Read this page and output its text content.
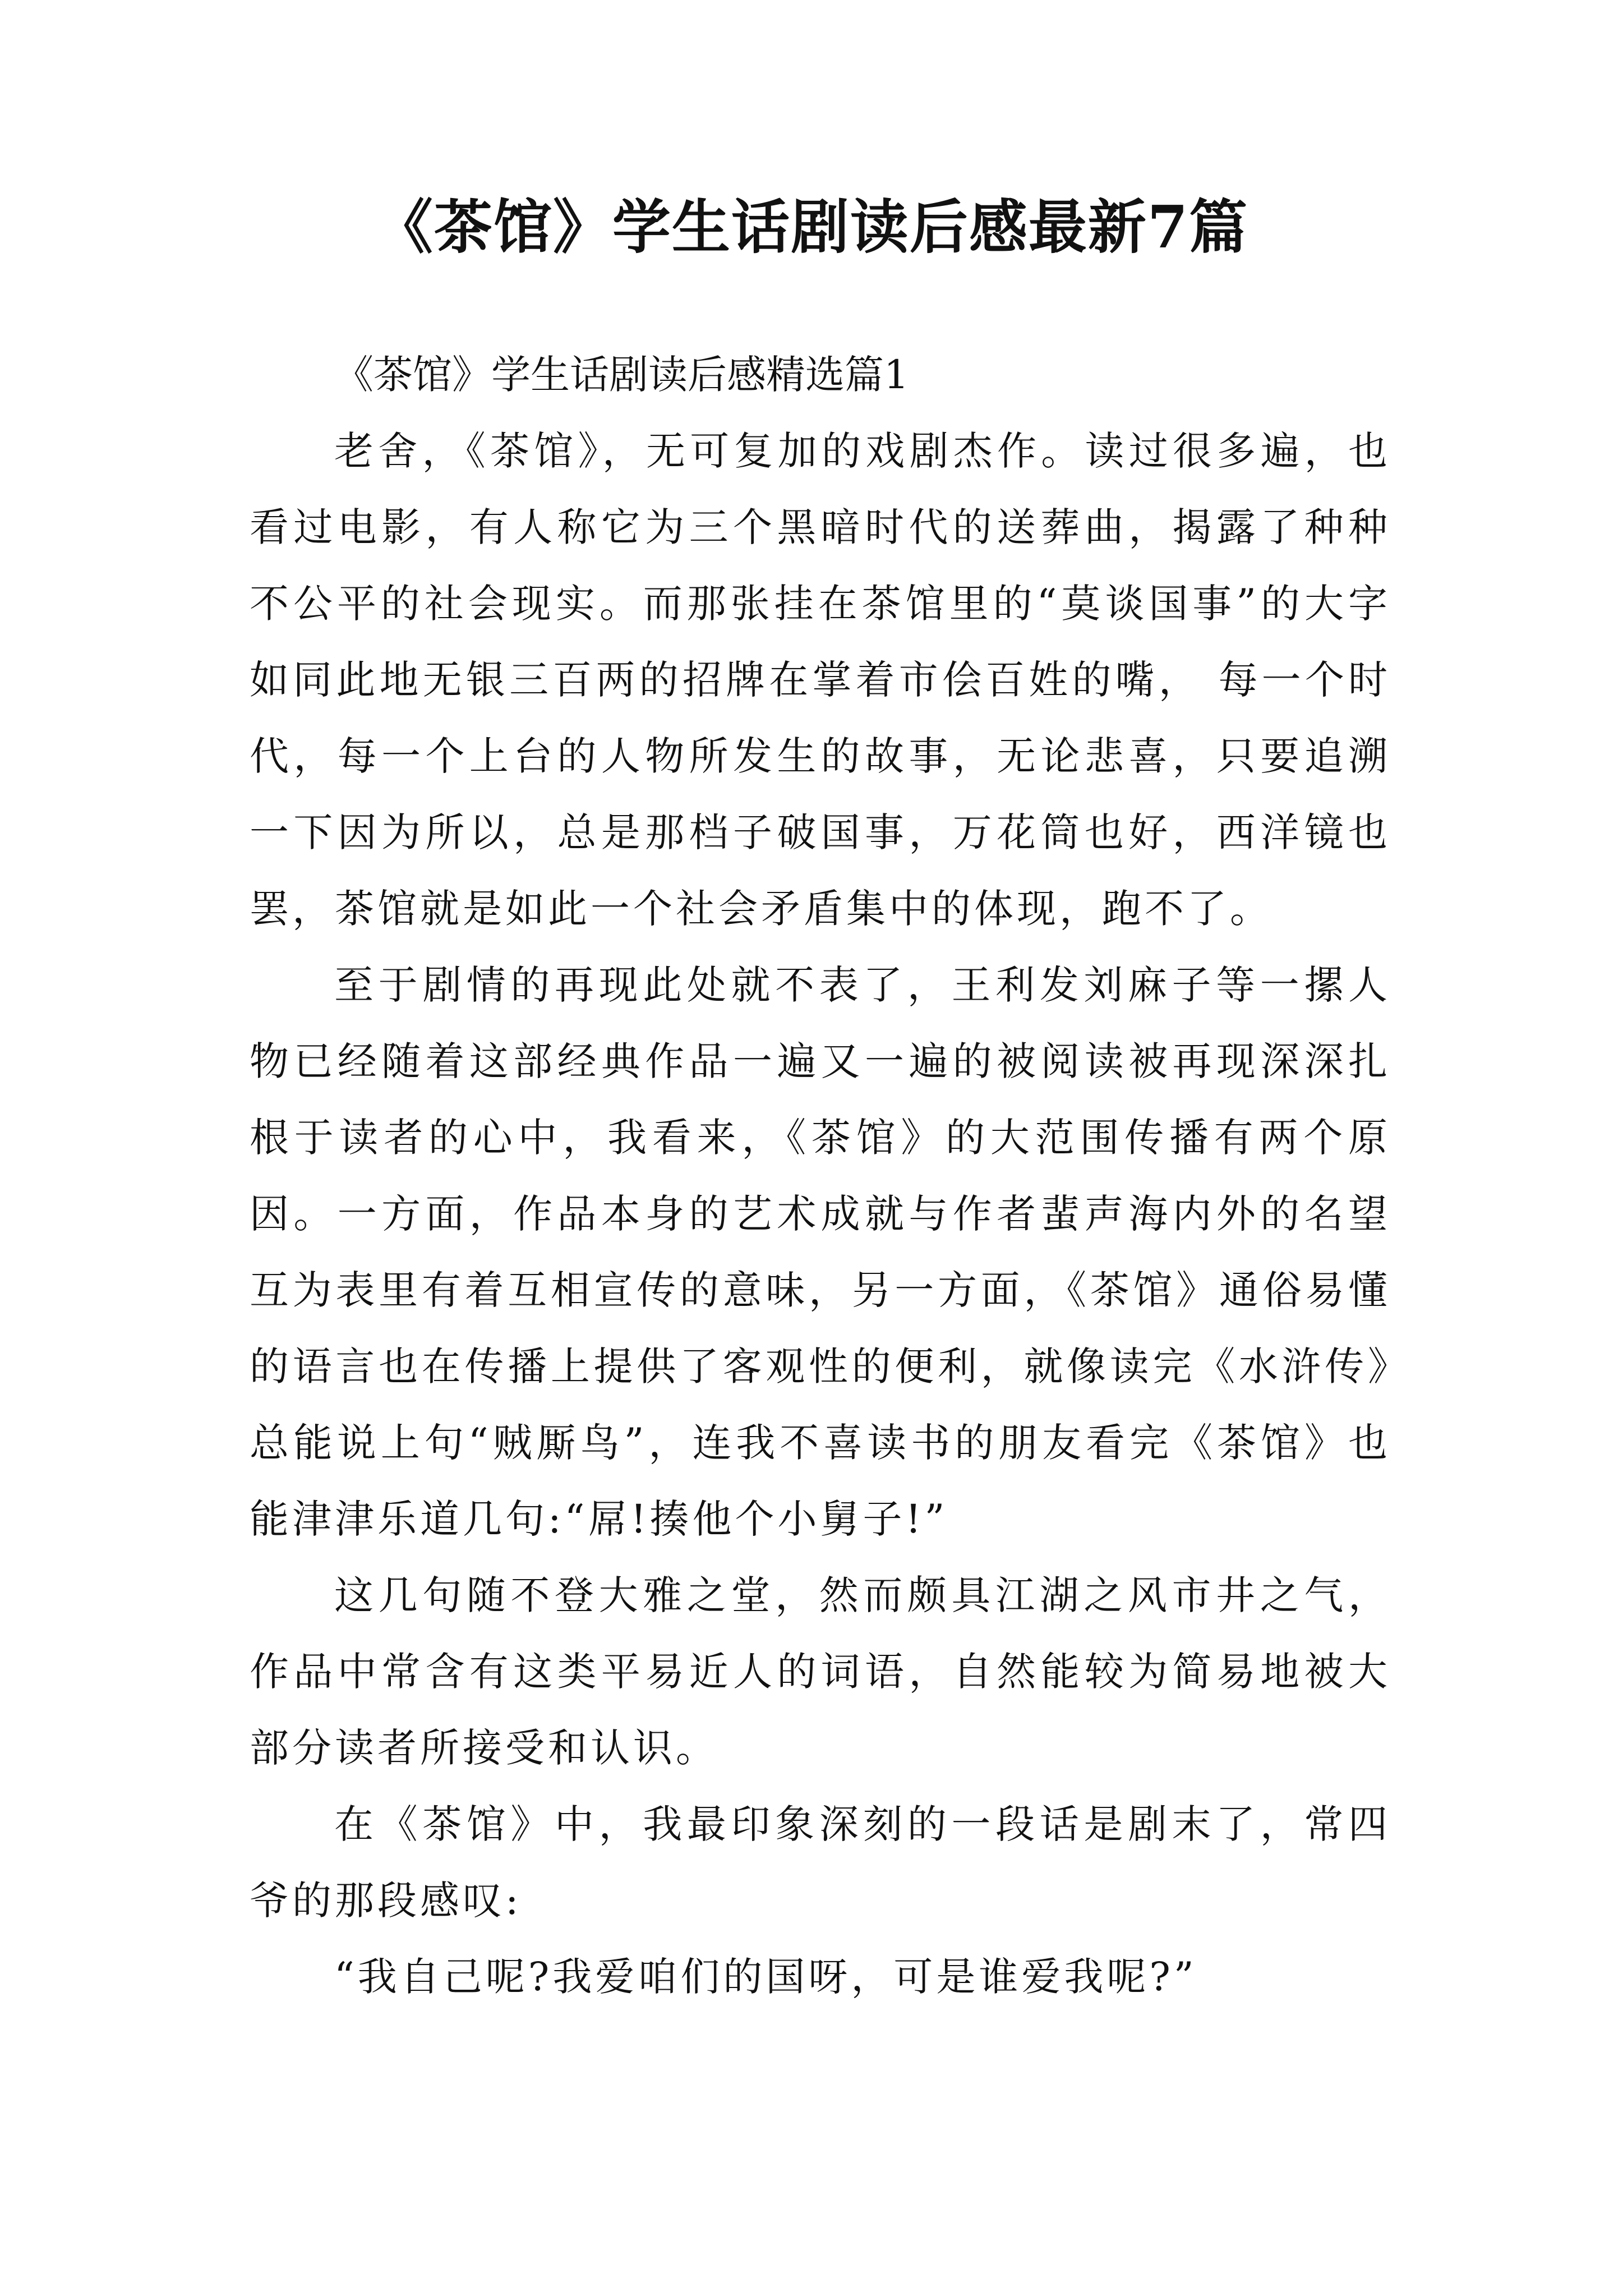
《茶馆》学生话剧读后感最新7篇

《茶馆》学生话剧读后感精选篇1

老舍，《茶馆》，无可复加的戏剧杰作。读过很多遍，也看过电影，有人称它为三个黑暗时代的送葬曲，揭露了种种不公平的社会现实。而那张挂在茶馆里的“莫谈国事”的大字如同此地无银三百两的招牌在掌着市侩百姓的嘴， 每一个时代，每一个上台的人物所发生的故事，无论悲喜，只要追溯一下因为所以，总是那档子破国事，万花筒也好，西洋镜也罢，茶馆就是如此一个社会矛盾集中的体现，跑不了。

至于剧情的再现此处就不表了，王利发刘麻子等一摞人物已经随着这部经典作品一遍又一遍的被阅读被再现深深扎根于读者的心中，我看来，《茶馆》的大范围传播有两个原因。一方面，作品本身的艺术成就与作者蜚声海内外的名望互为表里有着互相宣传的意味，另一方面，《茶馆》通俗易懂的语言也在传播上提供了客观性的便利，就像读完《水浒传》总能说上句“贼厮鸟”，连我不喜读书的朋友看完《茶馆》也能津津乐道几句:“屌!揍他个小舅子!”

这几句随不登大雅之堂，然而颇具江湖之风市井之气，作品中常含有这类平易近人的词语，自然能较为简易地被大部分读者所接受和认识。

在《茶馆》中，我最印象深刻的一段话是剧末了，常四爷的那段感叹:

“我自己呢?我爱咱们的国呀，可是谁爱我呢?”
